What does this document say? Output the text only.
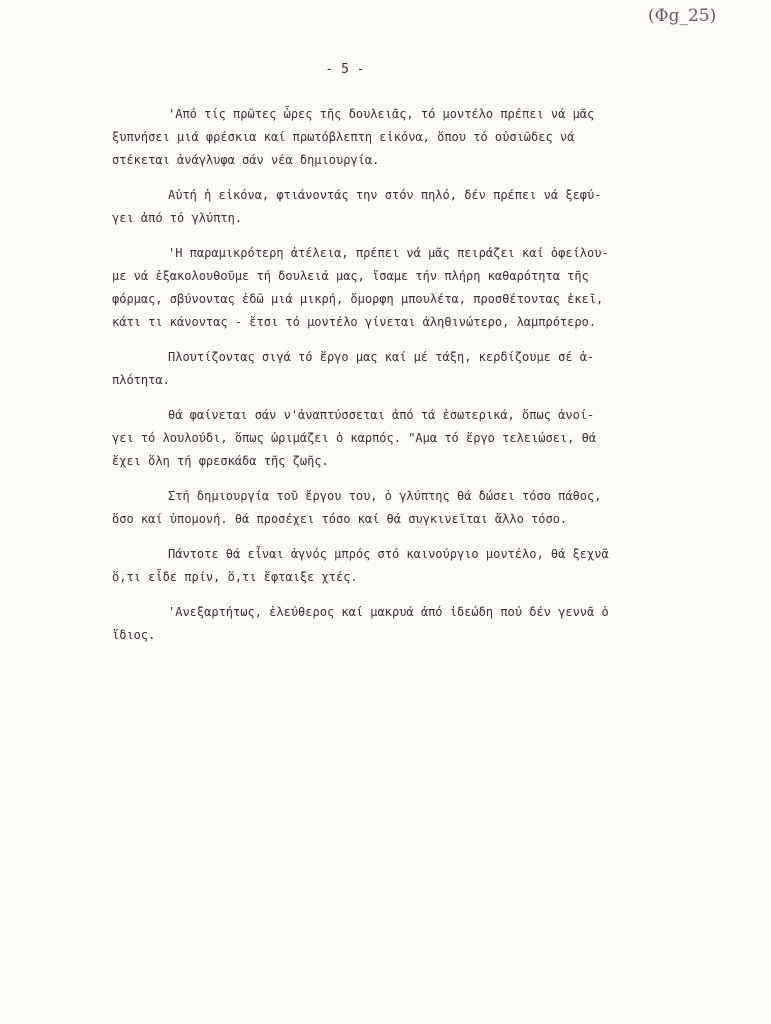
(Φg_25)
- 5 -
'Από τίς πρῶτες ὧρες τῆς δουλειᾶς, τό μοντέλο πρέπει νά μᾶς
ξυπνήσει μιά φρέσκια καί πρωτόβλεπτη εἰκόνα, ὅπου τό οὐσιῶδες νά
στέκεται ἀνάγλυφα σάν νέα δημιουργία.
Αὐτή ἡ εἰκόνα, φτιάνοντάς την στόν πηλό, δέν πρέπει νά ξεφύ-
γει ἀπό τό γλύπτη.
'Η παραμικρότερη ἀτέλεια, πρέπει νά μᾶς πειράζει καί ὀφείλου-
με νά ἐξακολουθοῦμε τή δουλειά μας, ἴσαμε τήν πλήρη καθαρότητα τῆς
φόρμας, σβύνοντας ἐδῶ μιά μικρή, ὄμορφη μπουλέτα, προσθέτοντας ἐκεῖ,
κάτι τι κάνοντας - ἔτσι τό μοντέλο γίνεται ἀληθινώτερο, λαμπρότερο.
Πλουτίζοντας σιγά τό ἔργο μας καί μέ τάξη, κερδίζουμε σέ ἁ-
πλότητα.
θά φαίνεται σάν ν'ἀναπτύσσεται ἀπό τά ἐσωτερικά, ὅπως ἀνοί-
γει τό λουλούδι, ὅπως ὡριμάζει ὁ καρπός. "Αμα τό ἔργο τελειώσει, θά
ἔχει ὅλη τή φρεσκάδα τῆς ζωῆς.
Στή δημιουργία τοῦ ἔργου του, ὁ γλύπτης θά δώσει τόσο πάθος,
ὅσο καί ὑπομονή. θά προσέχει τόσο καί θά συγκινεῖται ἄλλο τόσο.
Πάντοτε θά εἶναι ἁγνός μπρός στό καινούργιο μοντέλο, θά ξεχνᾶ
ὅ,τι εἶδε πρίν, ὅ,τι ἔφταιξε χτές.
'Ανεξαρτήτως, ἐλεύθερος καί μακρυά ἀπό ἰδεώδη πού δέν γεννᾶ ὁ
ἴδιος.
